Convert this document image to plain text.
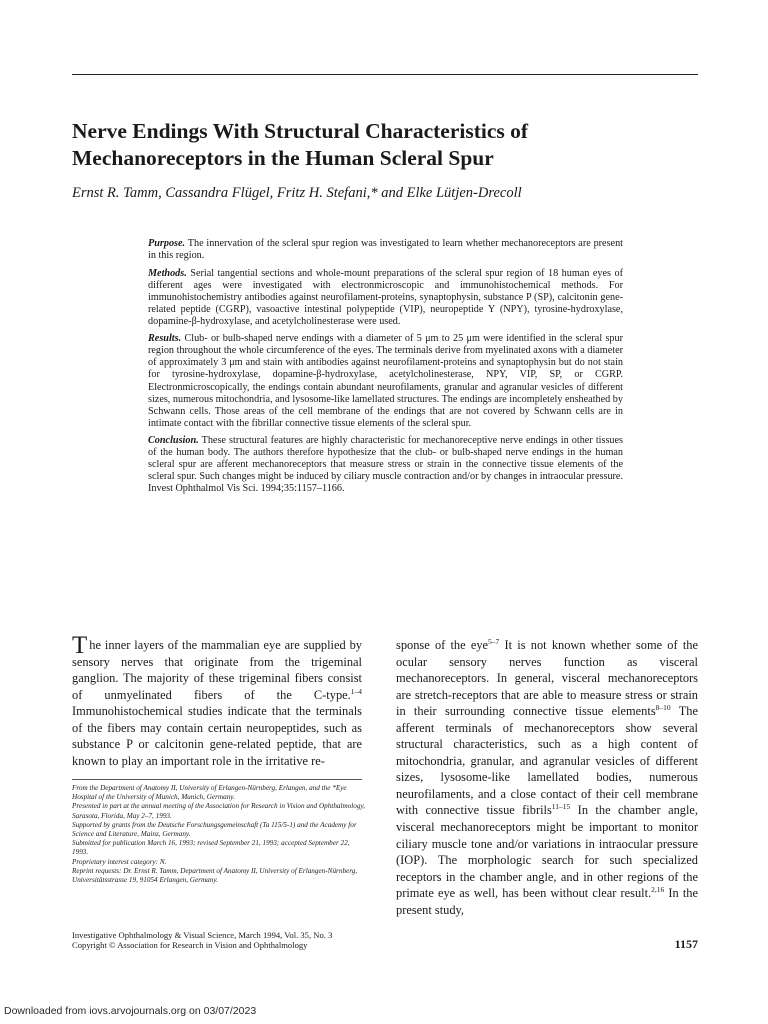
Nerve Endings With Structural Characteristics of
Mechanoreceptors in the Human Scleral Spur

Ernst R. Tamm, Cassandra Flügel, Fritz H. Stefani,* and Elke Lütjen-Drecoll

Purpose. The innervation of the scleral spur region was investigated to learn whether mechanoreceptors are present in this region.

Methods. Serial tangential sections and whole-mount preparations of the scleral spur region of 18 human eyes of different ages were investigated with electronmicroscopic and immunohistochemical methods. For immunohistochemistry antibodies against neurofilament-proteins, synaptophysin, substance P (SP), calcitonin gene-related peptide (CGRP), vasoactive intestinal polypeptide (VIP), neuropeptide Y (NPY), tyrosine-hydroxylase, dopamine-β-hydroxylase, and acetylcholinesterase were used.

Results. Club- or bulb-shaped nerve endings with a diameter of 5 μm to 25 μm were identified in the scleral spur region throughout the whole circumference of the eyes. The terminals derive from myelinated axons with a diameter of approximately 3 μm and stain with antibodies against neurofilament-proteins and synaptophysin but do not stain for tyrosine-hydroxylase, dopamine-β-hydroxylase, acetylcholinesterase, NPY, VIP, SP, or CGRP. Electronmicroscopically, the endings contain abundant neurofilaments, granular and agranular vesicles of different sizes, numerous mitochondria, and lysosome-like lamellated structures. The endings are incompletely ensheathed by Schwann cells. Those areas of the cell membrane of the endings that are not covered by Schwann cells are in intimate contact with the fibrillar connective tissue elements of the scleral spur.

Conclusion. These structural features are highly characteristic for mechanoreceptive nerve endings in other tissues of the human body. The authors therefore hypothesize that the club- or bulb-shaped nerve endings in the human scleral spur are afferent mechanoreceptors that measure stress or strain in the connective tissue elements of the scleral spur. Such changes might be induced by ciliary muscle contraction and/or by changes in intraocular pressure. Invest Ophthalmol Vis Sci. 1994;35:1157–1166.

The inner layers of the mammalian eye are supplied by sensory nerves that originate from the trigeminal ganglion. The majority of these trigeminal fibers consist of unmyelinated fibers of the C-type.$^{1-4}$ Immunohistochemical studies indicate that the terminals of the fibers may contain certain neuropeptides, such as substance P or calcitonin gene-related peptide, that are known to play an important role in the irritative re-

sponse of the eye$^{5-7}$ It is not known whether some of the ocular sensory nerves function as visceral mechanoreceptors. In general, visceral mechanoreceptors are stretch-receptors that are able to measure stress or strain in their surrounding connective tissue elements$^{8-10}$ The afferent terminals of mechanoreceptors show several structural characteristics, such as a high content of mitochondria, granular, and agranular vesicles of different sizes, lysosome-like lamellated bodies, numerous neurofilaments, and a close contact of their cell membrane with connective tissue fibrils$^{11-15}$ In the chamber angle, visceral mechanoreceptors might be important to monitor ciliary muscle tone and/or variations in intraocular pressure (IOP). The morphologic search for such specialized receptors in the chamber angle, and in other regions of the primate eye as well, has been without clear result.$^{2,16}$ In the present study,

From the Department of Anatomy II, University of Erlangen-Nürnberg, Erlangen, and the *Eye Hospital of the University of Munich, Munich, Germany.

Presented in part at the annual meeting of the Association for Research in Vision and Ophthalmology, Sarasota, Florida, May 2–7, 1993.

Supported by grants from the Deutsche Forschungsgemeinschaft (Ta 115/5-1) and the Academy for Science and Literature, Mainz, Germany.

Submitted for publication March 16, 1993; revised September 21, 1993; accepted September 22, 1993.

Proprietary interest category: N.

Reprint requests: Dr. Ernst R. Tamm, Department of Anatomy II, University of Erlangen-Nürnberg, Universitätsstrasse 19, 91054 Erlangen, Germany.

Investigative Ophthalmology & Visual Science, March 1994, Vol. 35, No. 3

Copyright © Association for Research in Vision and Ophthalmology	1157
Downloaded from iovs.arvojournals.org on 03/07/2023
